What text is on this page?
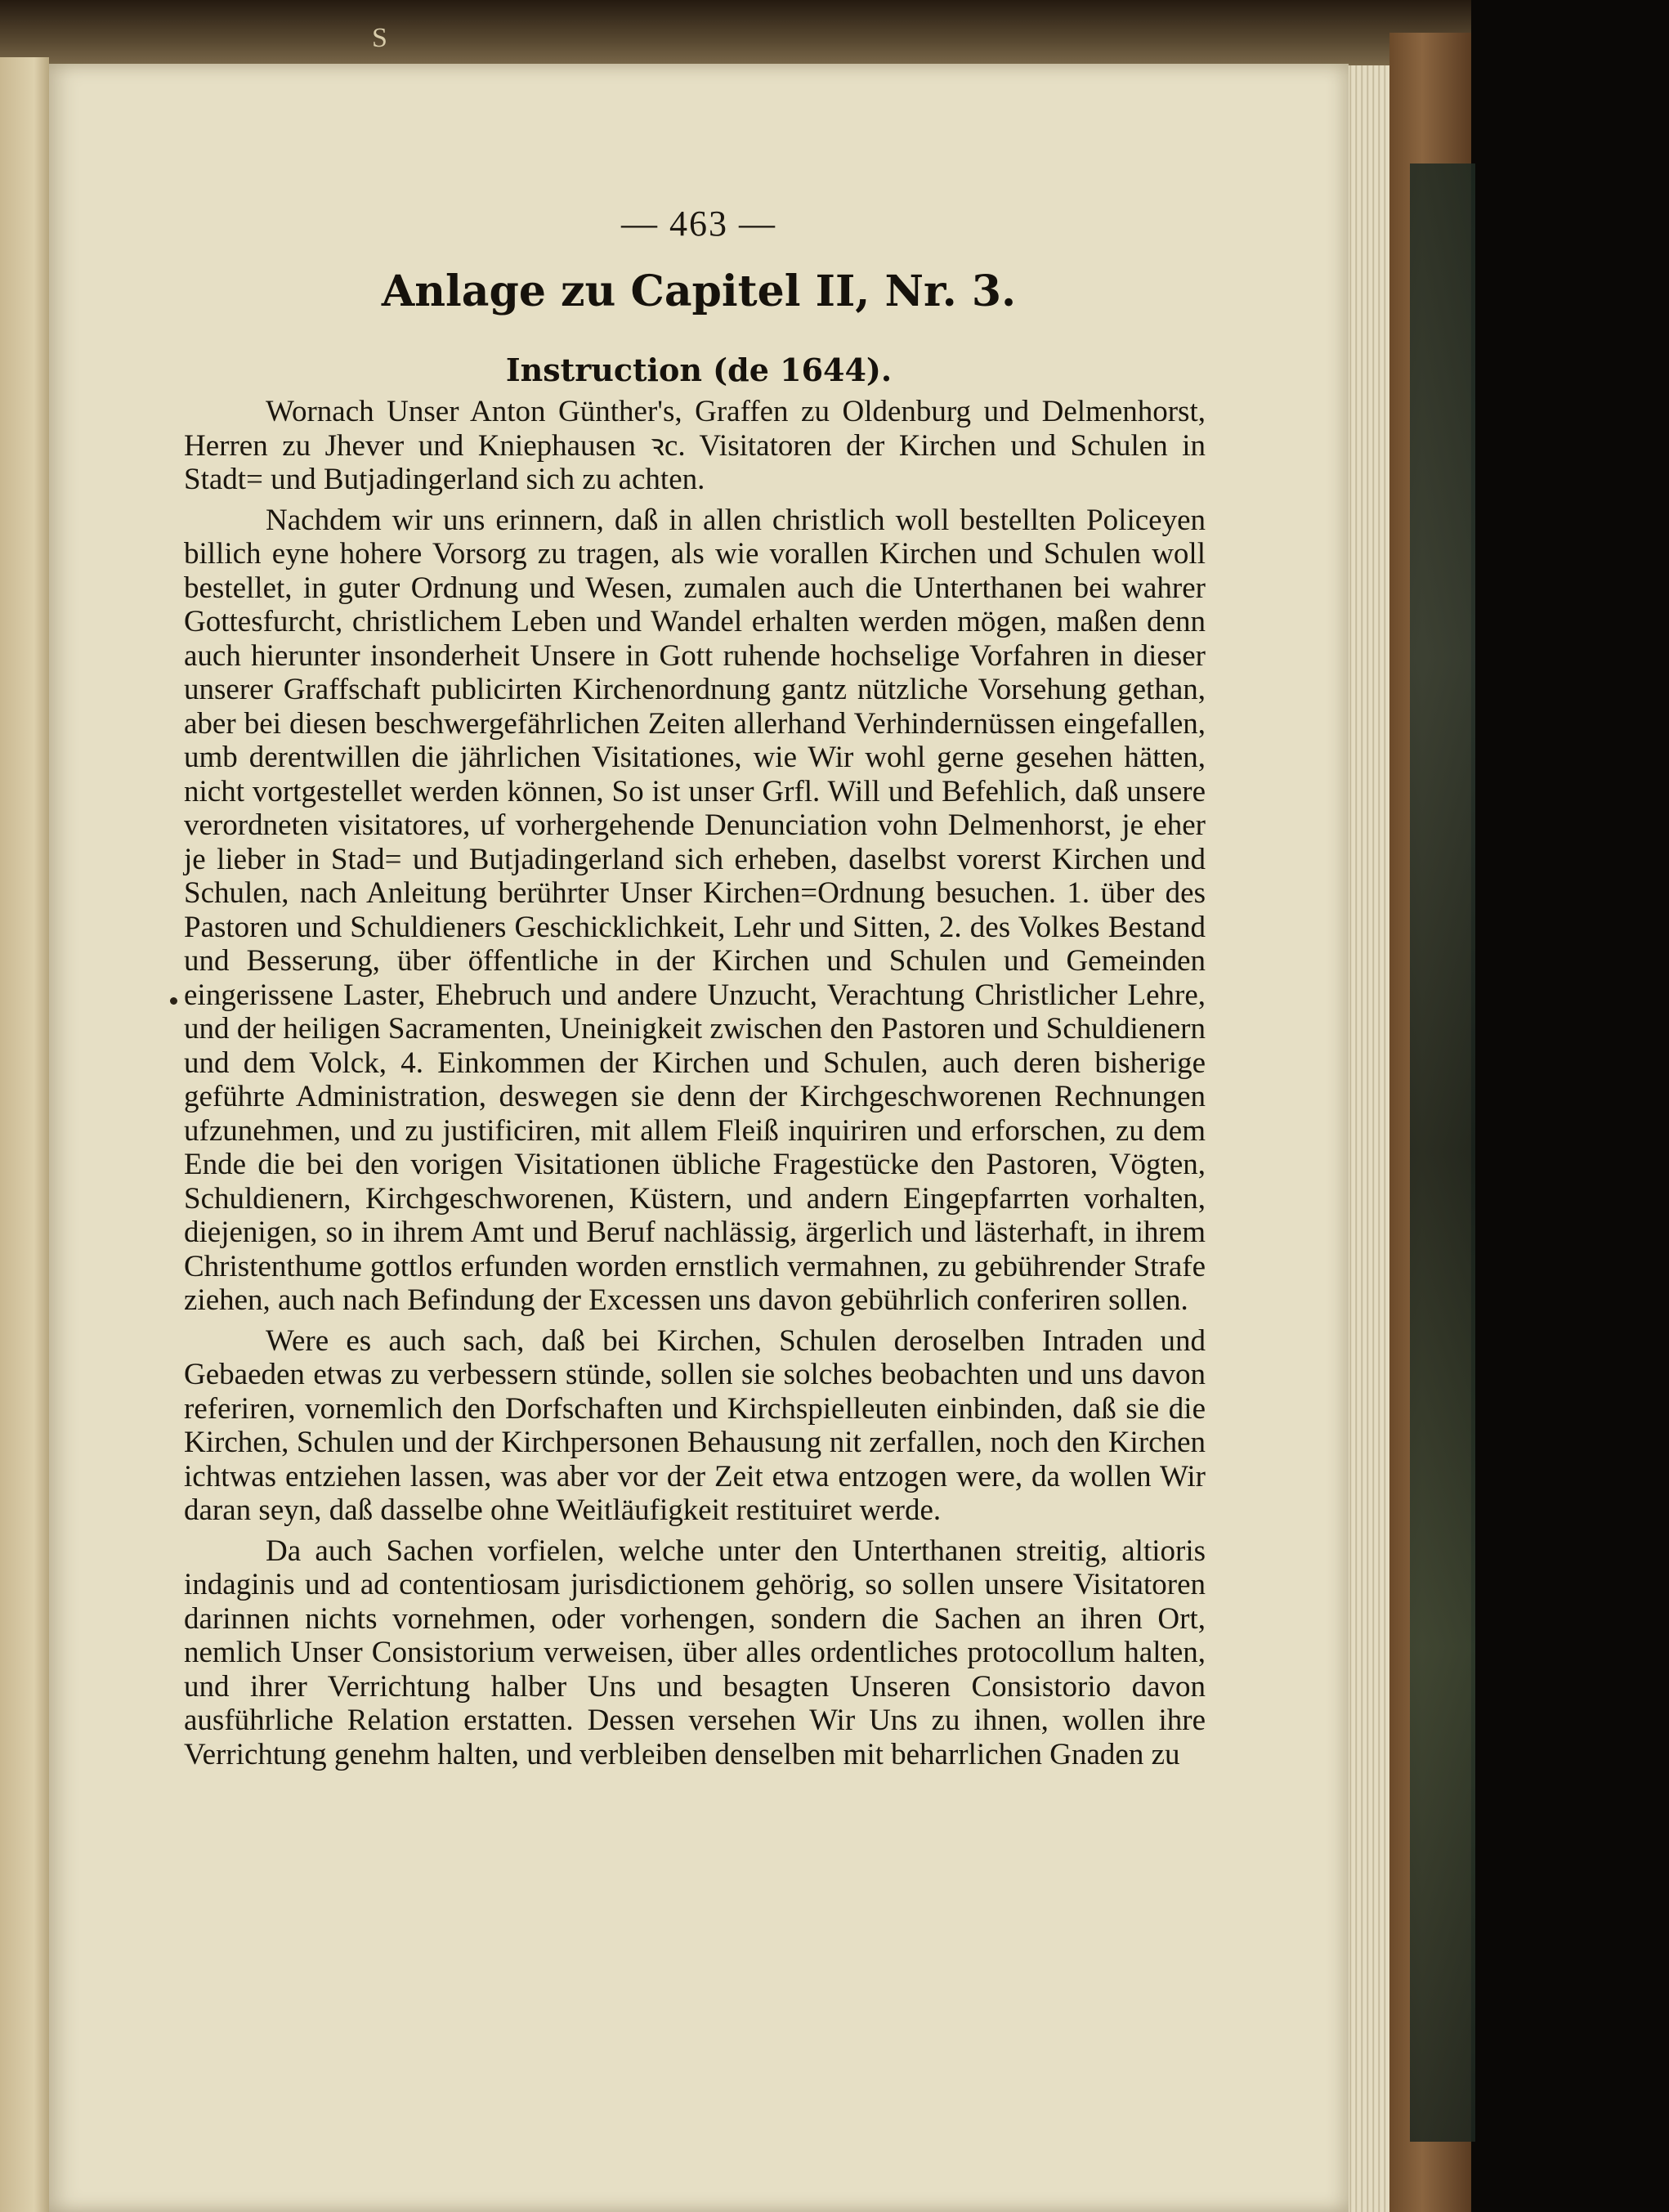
S
— 463 —
Anlage zu Capitel II, Nr. 3.
Instruction (de 1644).

Wornach Unser Anton Günther's, Graffen zu Oldenburg und Delmenhorst, Herren zu Jhever und Kniephausen ꝛc. Visitatoren der Kirchen und Schulen in Stadt= und Butjadingerland sich zu achten.

Nachdem wir uns erinnern, daß in allen christlich woll bestellten Policeyen billich eyne hohere Vorsorg zu tragen, als wie vorallen Kirchen und Schulen woll bestellet, in guter Ordnung und Wesen, zumalen auch die Unterthanen bei wahrer Gottesfurcht, christlichem Leben und Wandel erhalten werden mögen, maßen denn auch hierunter insonderheit Unsere in Gott ruhende hochselige Vorfahren in dieser unserer Graffschaft publicirten Kirchenordnung gantz nützliche Vorsehung gethan, aber bei diesen beschwergefährlichen Zeiten allerhand Verhindernüssen eingefallen, umb derentwillen die jährlichen Visitationes, wie Wir wohl gerne gesehen hätten, nicht vortgestellet werden können, So ist unser Grfl. Will und Befehlich, daß unsere verordneten visitatores, uf vorhergehende Denunciation vohn Delmenhorst, je eher je lieber in Stad= und Butjadingerland sich erheben, daselbst vorerst Kirchen und Schulen, nach Anleitung berührter Unser Kirchen=Ordnung besuchen. 1. über des Pastoren und Schuldieners Geschicklichkeit, Lehr und Sitten, 2. des Volkes Bestand und Besserung, über öffentliche in der Kirchen und Schulen und Gemeinden eingerissene Laster, Ehebruch und andere Unzucht, Verachtung Christlicher Lehre, und der heiligen Sacramenten, Uneinigkeit zwischen den Pastoren und Schuldienern und dem Volck, 4. Einkommen der Kirchen und Schulen, auch deren bisherige geführte Administration, deswegen sie denn der Kirchgeschworenen Rechnungen ufzunehmen, und zu justificiren, mit allem Fleiß inquiriren und erforschen, zu dem Ende die bei den vorigen Visitationen übliche Fragestücke den Pastoren, Vögten, Schuldienern, Kirchgeschworenen, Küstern, und andern Eingepfarrten vorhalten, diejenigen, so in ihrem Amt und Beruf nachlässig, ärgerlich und lästerhaft, in ihrem Christenthume gottlos erfunden worden ernstlich vermahnen, zu gebührender Strafe ziehen, auch nach Befindung der Excessen uns davon gebührlich conferiren sollen.

Were es auch sach, daß bei Kirchen, Schulen deroselben Intraden und Gebaeden etwas zu verbessern stünde, sollen sie solches beobachten und uns davon referiren, vornemlich den Dorfschaften und Kirchspielleuten einbinden, daß sie die Kirchen, Schulen und der Kirchpersonen Behausung nit zerfallen, noch den Kirchen ichtwas entziehen lassen, was aber vor der Zeit etwa entzogen were, da wollen Wir daran seyn, daß dasselbe ohne Weitläufigkeit restituiret werde.

Da auch Sachen vorfielen, welche unter den Unterthanen streitig, altioris indaginis und ad contentiosam jurisdictionem gehörig, so sollen unsere Visitatoren darinnen nichts vornehmen, oder vorhengen, sondern die Sachen an ihren Ort, nemlich Unser Consistorium verweisen, über alles ordentliches protocollum halten, und ihrer Verrichtung halber Uns und besagten Unseren Consistorio davon ausführliche Relation erstatten. Dessen versehen Wir Uns zu ihnen, wollen ihre Verrichtung genehm halten, und verbleiben denselben mit beharrlichen Gnaden zu
